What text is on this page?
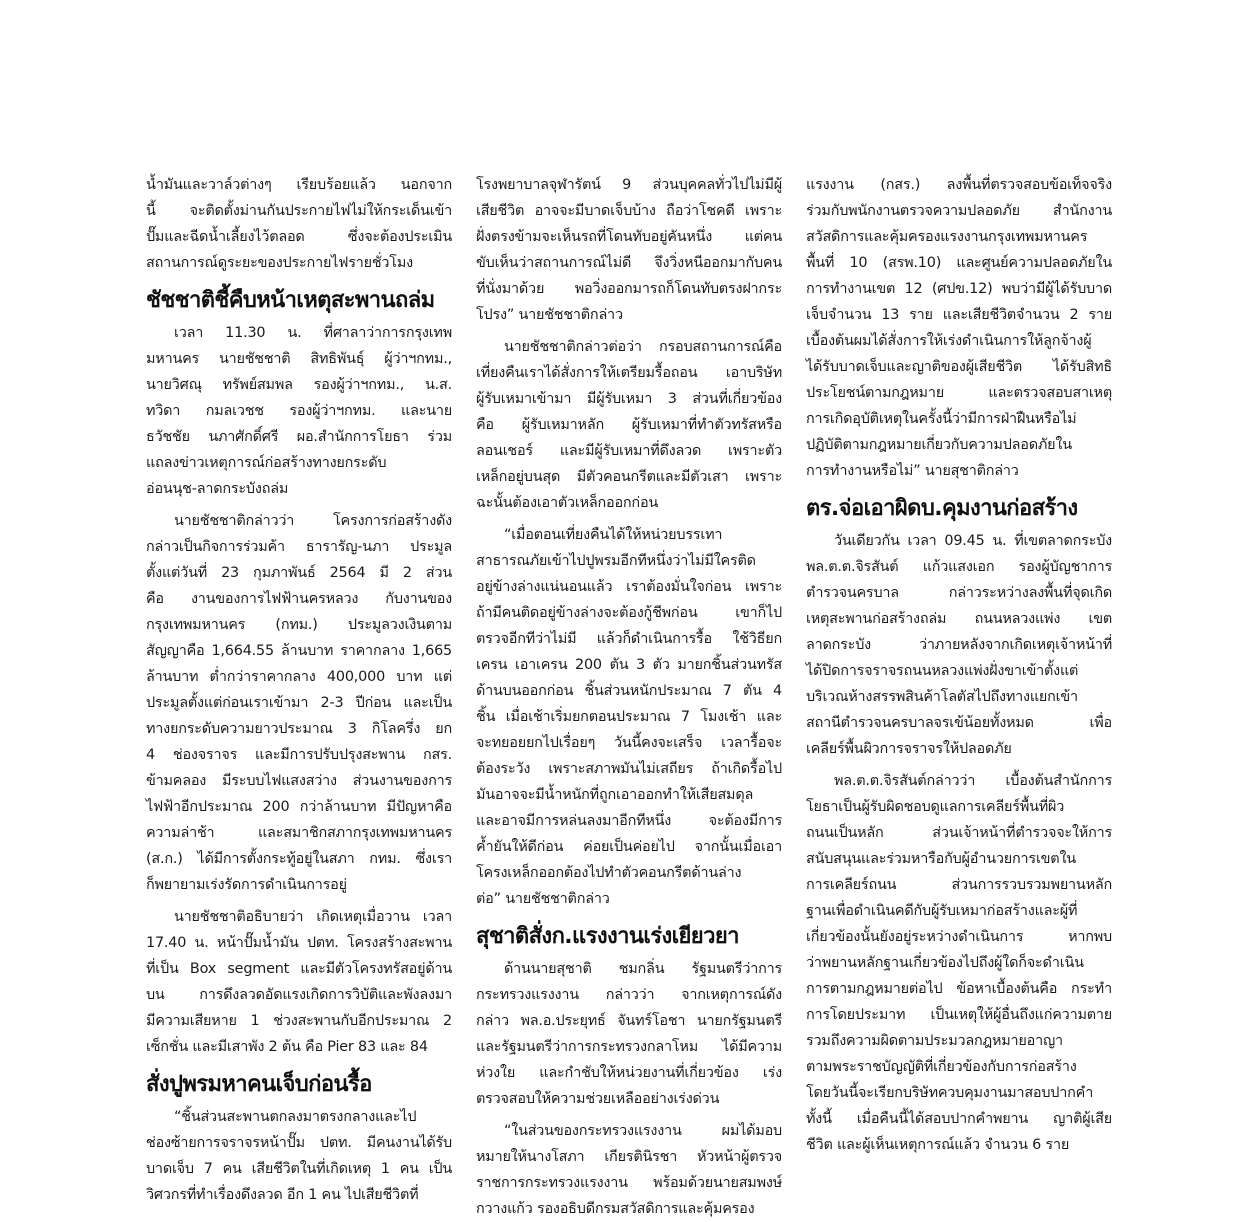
น้ำมันและวาล์วต่างๆ เรียบร้อยแล้ว นอกจาก
นี้ จะติดตั้งม่านกันประกายไฟไม่ให้กระเด็นเข้า
ปั๊มและฉีดน้ำเลี้ยงไว้ตลอด ซึ่งจะต้องประเมิน
สถานการณ์ดูระยะของประกายไฟรายชั่วโมง
ชัชชาติชี้คืบหน้าเหตุสะพานถล่ม
เวลา 11.30 น. ที่ศาลาว่าการกรุงเทพ
มหานคร นายชัชชาติ สิทธิพันธุ์ ผู้ว่าฯกทม.,
นายวิศณุ ทรัพย์สมพล รองผู้ว่าฯกทม., น.ส.
ทวิดา กมลเวชช รองผู้ว่าฯกทม. และนาย
ธวัชชัย นภาศักดิ์ศรี ผอ.สำนักการโยธา ร่วม
แถลงข่าวเหตุการณ์ก่อสร้างทางยกระดับ
อ่อนนุช-ลาดกระบังถล่ม
นายชัชชาติกล่าวว่า โครงการก่อสร้างดัง
กล่าวเป็นกิจการร่วมค้า ธารารัญ-นภา ประมูล
ตั้งแต่วันที่ 23 กุมภาพันธ์ 2564 มี 2 ส่วน
คือ งานของการไฟฟ้านครหลวง กับงานของ
กรุงเทพมหานคร (กทม.) ประมูลวงเงินตาม
สัญญาคือ 1,664.55 ล้านบาท ราคากลาง 1,665
ล้านบาท ต่ำกว่าราคากลาง 400,000 บาท แต่
ประมูลตั้งแต่ก่อนเราเข้ามา 2-3 ปีก่อน และเป็น
ทางยกระดับความยาวประมาณ 3 กิโลครึ่ง ยก
4 ช่องจราจร และมีการปรับปรุงสะพาน กสร.
ข้ามคลอง มีระบบไฟแสงสว่าง ส่วนงานของการ
ไฟฟ้าอีกประมาณ 200 กว่าล้านบาท มีปัญหาคือ
ความล่าช้า และสมาชิกสภากรุงเทพมหานคร
(ส.ก.) ได้มีการตั้งกระทู้อยู่ในสภา กทม. ซึ่งเรา
ก็พยายามเร่งรัดการดำเนินการอยู่
นายชัชชาติอธิบายว่า เกิดเหตุเมื่อวาน เวลา
17.40 น. หน้าปั๊มน้ำมัน ปตท. โครงสร้างสะพาน
ที่เป็น Box segment และมีตัวโครงทรัสอยู่ด้าน
บน การดึงลวดอัดแรงเกิดการวิบัติและพังลงมา
มีความเสียหาย 1 ช่วงสะพานกับอีกประมาณ 2
เซ็กชั่น และมีเสาพัง 2 ต้น คือ Pier 83 และ 84
สั่งปูพรมหาคนเจ็บก่อนรื้อ
“ชิ้นส่วนสะพานตกลงมาตรงกลางและไป
ช่องซ้ายการจราจรหน้าปั๊ม ปตท. มีคนงานได้รับ
บาดเจ็บ 7 คน เสียชีวิตในที่เกิดเหตุ 1 คน เป็น
วิศวกรที่ทำเรื่องดึงลวด อีก 1 คน ไปเสียชีวิตที่
โรงพยาบาลจุฬารัตน์ 9 ส่วนบุคคลทั่วไปไม่มีผู้
เสียชีวิต อาจจะมีบาดเจ็บบ้าง ถือว่าโชคดี เพราะ
ฝั่งตรงข้ามจะเห็นรถที่โดนทับอยู่คันหนึ่ง แต่คน
ขับเห็นว่าสถานการณ์ไม่ดี จึงวิ่งหนีออกมากับคน
ที่นั่งมาด้วย พอวิ่งออกมารถก็โดนทับตรงฝากระ
โปรง” นายชัชชาติกล่าว
นายชัชชาติกล่าวต่อว่า กรอบสถานการณ์คือ
เที่ยงคืนเราได้สั่งการให้เตรียมรื้อถอน เอาบริษัท
ผู้รับเหมาเข้ามา มีผู้รับเหมา 3 ส่วนที่เกี่ยวข้อง
คือ ผู้รับเหมาหลัก ผู้รับเหมาที่ทำตัวทรัสหรือ
ลอนเชอร์ และมีผู้รับเหมาที่ดึงลวด เพราะตัว
เหล็กอยู่บนสุด มีตัวคอนกรีตและมีตัวเสา เพราะ
ฉะนั้นต้องเอาตัวเหล็กออกก่อน
“เมื่อตอนเที่ยงคืนได้ให้หน่วยบรรเทา
สาธารณภัยเข้าไปปูพรมอีกทีหนึ่งว่าไม่มีใครติด
อยู่ข้างล่างแน่นอนแล้ว เราต้องมั่นใจก่อน เพราะ
ถ้ามีคนติดอยู่ข้างล่างจะต้องกู้ชีพก่อน เขาก็ไป
ตรวจอีกทีว่าไม่มี แล้วก็ดำเนินการรื้อ ใช้วิธียก
เครน เอาเครน 200 ตัน 3 ตัว มายกชิ้นส่วนทรัส
ด้านบนออกก่อน ชิ้นส่วนหนักประมาณ 7 ตัน 4
ชิ้น เมื่อเช้าเริ่มยกตอนประมาณ 7 โมงเช้า และ
จะทยอยยกไปเรื่อยๆ วันนี้คงจะเสร็จ เวลารื้อจะ
ต้องระวัง เพราะสภาพมันไม่เสถียร ถ้าเกิดรื้อไป
มันอาจจะมีน้ำหนักที่ถูกเอาออกทำให้เสียสมดุล
และอาจมีการหล่นลงมาอีกทีหนึ่ง จะต้องมีการ
ค้ำยันให้ดีก่อน ค่อยเป็นค่อยไป จากนั้นเมื่อเอา
โครงเหล็กออกต้องไปทำตัวคอนกรีตด้านล่าง
ต่อ” นายชัชชาติกล่าว
สุชาติสั่งก.แรงงานเร่งเยียวยา
ด้านนายสุชาติ ชมกลิ่น รัฐมนตรีว่าการ
กระทรวงแรงงาน กล่าวว่า จากเหตุการณ์ดัง
กล่าว พล.อ.ประยุทธ์ จันทร์โอชา นายกรัฐมนตรี
และรัฐมนตรีว่าการกระทรวงกลาโหม ได้มีความ
ห่วงใย และกำชับให้หน่วยงานที่เกี่ยวข้อง เร่ง
ตรวจสอบให้ความช่วยเหลืออย่างเร่งด่วน
“ในส่วนของกระทรวงแรงงาน ผมได้มอบ
หมายให้นางโสภา เกียรตินิรชา หัวหน้าผู้ตรวจ
ราชการกระทรวงแรงงาน พร้อมด้วยนายสมพงษ์
กวางแก้ว รองอธิบดีกรมสวัสดิการและคุ้มครอง
แรงงาน (กสร.) ลงพื้นที่ตรวจสอบข้อเท็จจริง
ร่วมกับพนักงานตรวจความปลอดภัย สำนักงาน
สวัสดิการและคุ้มครองแรงงานกรุงเทพมหานคร
พื้นที่ 10 (สรพ.10) และศูนย์ความปลอดภัยใน
การทำงานเขต 12 (ศปข.12) พบว่ามีผู้ได้รับบาด
เจ็บจำนวน 13 ราย และเสียชีวิตจำนวน 2 ราย
เบื้องต้นผมได้สั่งการให้เร่งดำเนินการให้ลูกจ้างผู้
ได้รับบาดเจ็บและญาติของผู้เสียชีวิต ได้รับสิทธิ
ประโยชน์ตามกฎหมาย และตรวจสอบสาเหตุ
การเกิดอุบัติเหตุในครั้งนี้ว่ามีการฝ่าฝืนหรือไม่
ปฏิบัติตามกฎหมายเกี่ยวกับความปลอดภัยใน
การทำงานหรือไม่” นายสุชาติกล่าว
ตร.จ่อเอาผิดบ.คุมงานก่อสร้าง
วันเดียวกัน เวลา 09.45 น. ที่เขตลาดกระบัง
พล.ต.ต.จิรสันต์ แก้วแสงเอก รองผู้บัญชาการ
ตำรวจนครบาล กล่าวระหว่างลงพื้นที่จุดเกิด
เหตุสะพานก่อสร้างถล่ม ถนนหลวงแพ่ง เขต
ลาดกระบัง ว่าภายหลังจากเกิดเหตุเจ้าหน้าที่
ได้ปิดการจราจรถนนหลวงแพ่งฝั่งขาเข้าตั้งแต่
บริเวณห้างสรรพสินค้าโลตัสไปถึงทางแยกเข้า
สถานีตำรวจนครบาลจรเข้น้อยทั้งหมด เพื่อ
เคลียร์พื้นผิวการจราจรให้ปลอดภัย
พล.ต.ต.จิรสันต์กล่าวว่า เบื้องต้นสำนักการ
โยธาเป็นผู้รับผิดชอบดูแลการเคลียร์พื้นที่ผิว
ถนนเป็นหลัก ส่วนเจ้าหน้าที่ตำรวจจะให้การ
สนับสนุนและร่วมหารือกับผู้อำนวยการเขตใน
การเคลียร์ถนน ส่วนการรวบรวมพยานหลัก
ฐานเพื่อดำเนินคดีกับผู้รับเหมาก่อสร้างและผู้ที่
เกี่ยวข้องนั้นยังอยู่ระหว่างดำเนินการ หากพบ
ว่าพยานหลักฐานเกี่ยวข้องไปถึงผู้ใดก็จะดำเนิน
การตามกฎหมายต่อไป ข้อหาเบื้องต้นคือ กระทำ
การโดยประมาท เป็นเหตุให้ผู้อื่นถึงแก่ความตาย
รวมถึงความผิดตามประมวลกฎหมายอาญา
ตามพระราชบัญญัติที่เกี่ยวข้องกับการก่อสร้าง
โดยวันนี้จะเรียกบริษัทควบคุมงานมาสอบปากคำ
ทั้งนี้ เมื่อคืนนี้ได้สอบปากคำพยาน ญาติผู้เสีย
ชีวิต และผู้เห็นเหตุการณ์แล้ว จำนวน 6 ราย
